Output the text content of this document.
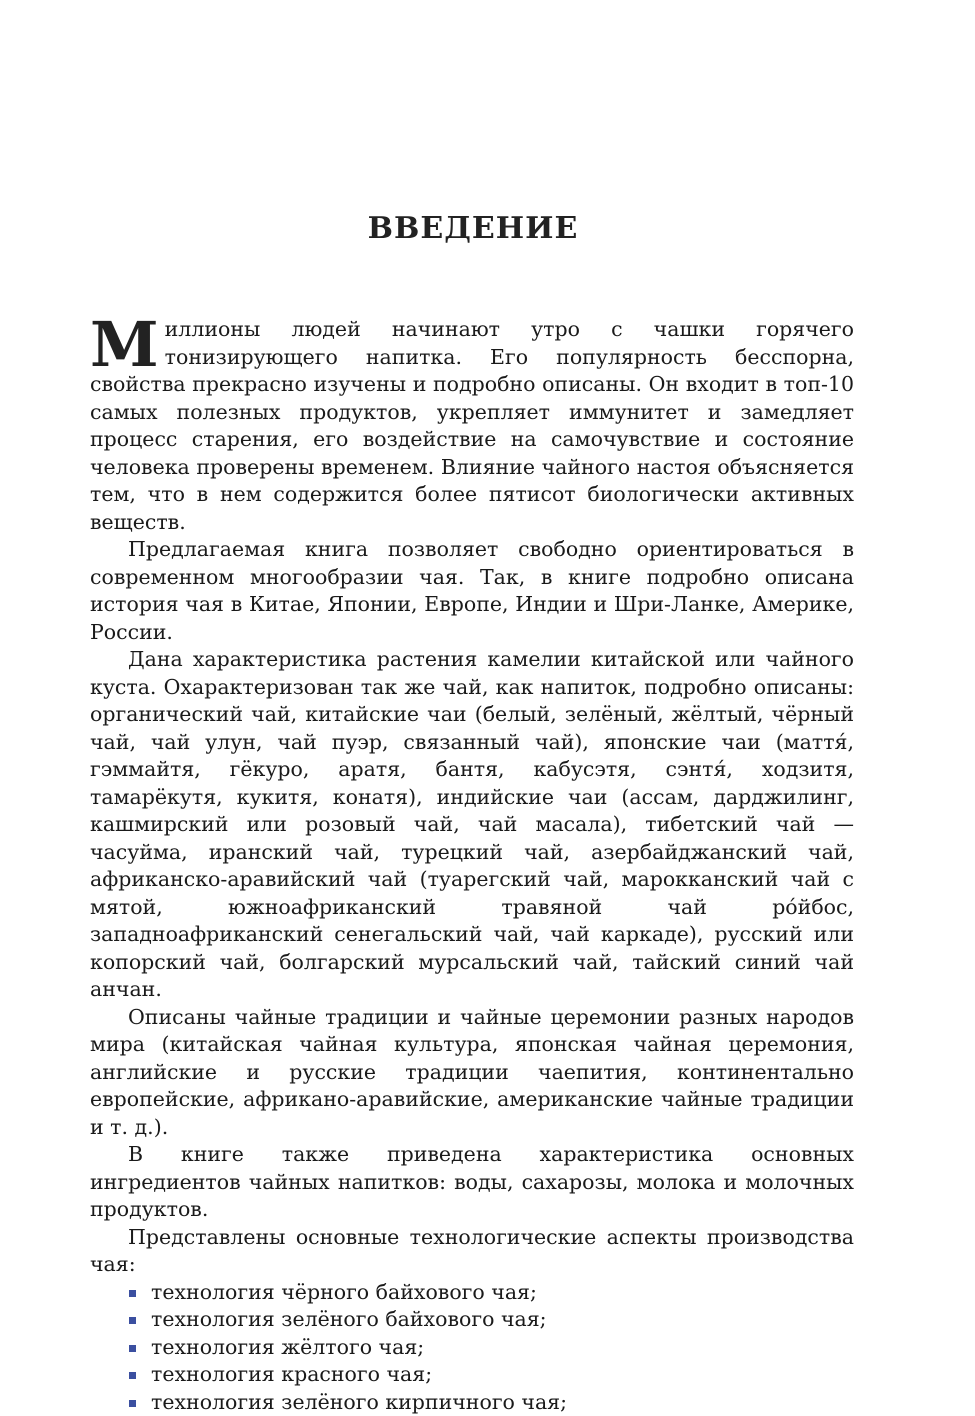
ВВЕДЕНИЕ

Миллионы людей начинают утро с чашки горячего тонизирующего напитка. Его популярность бесспорна, свойства прекрасно изучены и подробно описаны. Он входит в топ-10 самых полезных продуктов, укрепляет иммунитет и замедляет процесс старения, его воздействие на самочувствие и состояние человека проверены временем. Влияние чайного настоя объясняется тем, что в нем содержится более пятисот биологически активных веществ.

Предлагаемая книга позволяет свободно ориентироваться в современном многообразии чая. Так, в книге подробно описана история чая в Китае, Японии, Европе, Индии и Шри-Ланке, Америке, России.

Дана характеристика растения камелии китайской или чайного куста. Охарактеризован так же чай, как напиток, подробно описаны: органический чай, китайские чаи (белый, зелёный, жёлтый, чёрный чай, чай улун, чай пуэр, связанный чай), японские чаи (маття́, гэммайтя, гёкуро, аратя, бантя, кабусэтя, сэнтя́, ходзитя, тамарёкутя, кукитя, конатя), индийские чаи (ассам, дарджилинг, кашмирский или розовый чай, чай масала), тибетский чай — часуйма, иранский чай, турецкий чай, азербайджанский чай, африканско-аравийский чай (туарегский чай, марокканский чай с мятой, южноафриканский травяной чай ро́йбос, западноафриканский сенегальский чай, чай каркаде), русский или копорский чай, болгарский мурсальский чай, тайский синий чай анчан.

Описаны чайные традиции и чайные церемонии разных народов мира (китайская чайная культура, японская чайная церемония, английские и русские традиции чаепития, континентально европейские, африкано-аравийские, американские чайные традиции и т. д.).

В книге также приведена характеристика основных ингредиентов чайных напитков: воды, сахарозы, молока и молочных продуктов.

Представлены основные технологические аспекты производства чая:

технология чёрного байхового чая;
технология зелёного байхового чая;
технология жёлтого чая;
технология красного чая;
технология зелёного кирпичного чая;
